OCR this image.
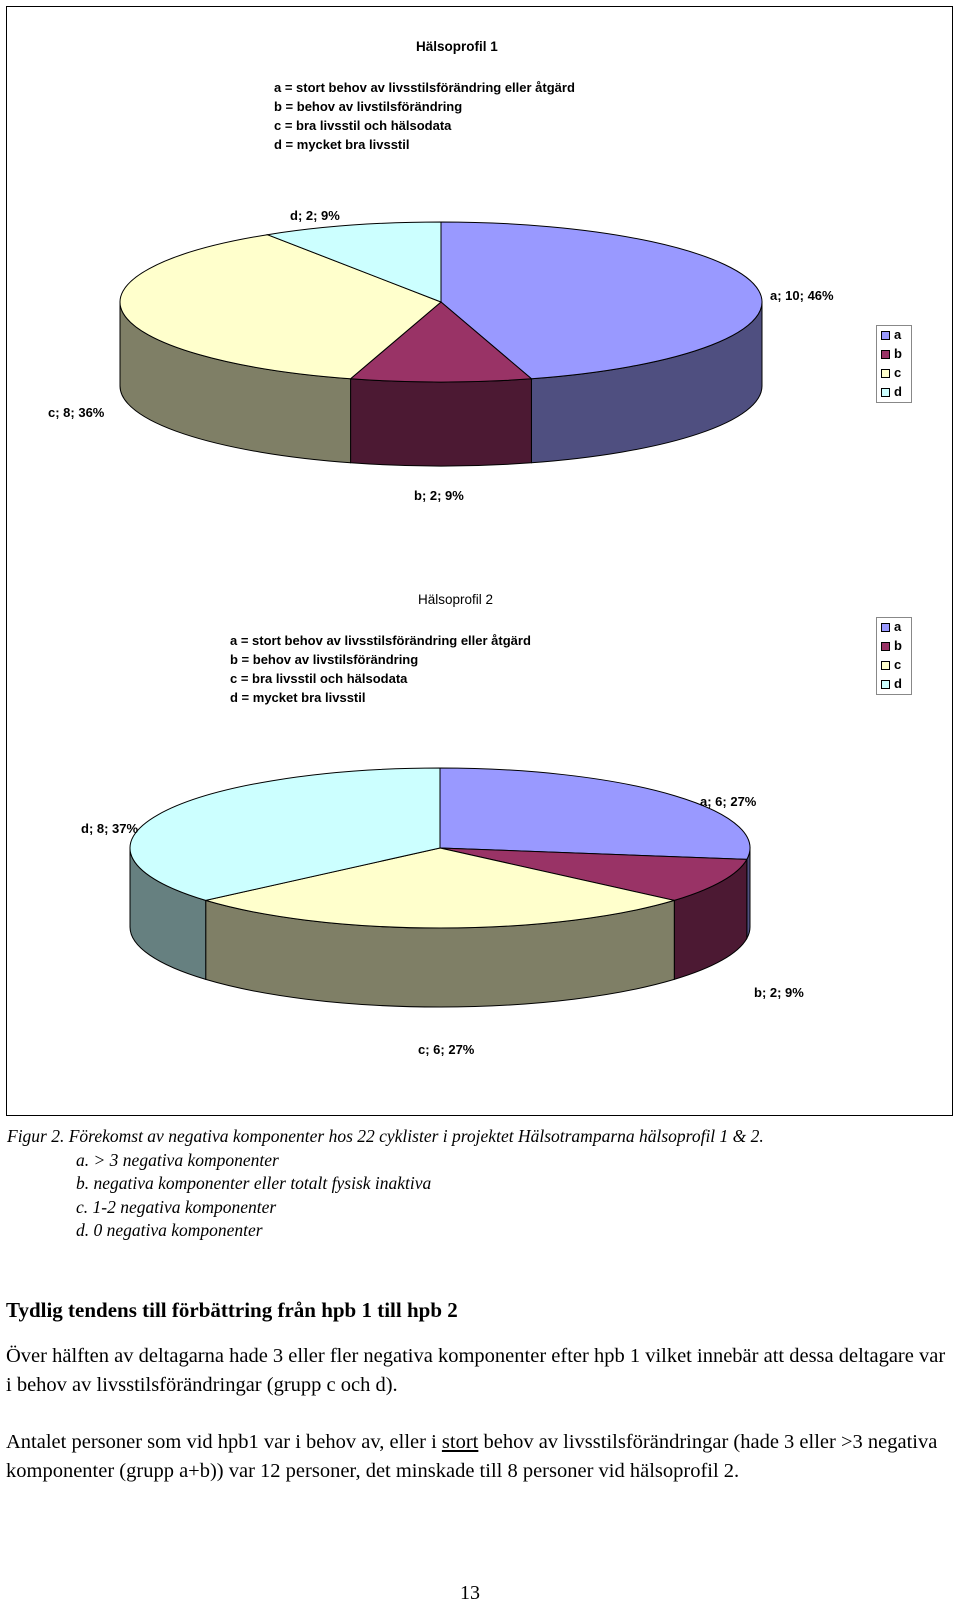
Hälsoprofil 1
a = stort behov av livsstilsförändring eller åtgärd
b = behov av livstilsförändring
c = bra livsstil och hälsodata
d = mycket bra livsstil
d; 2; 9%
a; 10; 46%
c; 8; 36%
b; 2; 9%
a
b
c
d
Hälsoprofil 2
a = stort behov av livsstilsförändring eller åtgärd
b = behov av livstilsförändring
c = bra livsstil och hälsodata
d = mycket bra livsstil
a
b
c
d
d; 8; 37%
a; 6; 27%
b; 2; 9%
c; 6; 27%
Figur 2. Förekomst av negativa komponenter hos 22 cyklister i projektet Hälsotramparna hälsoprofil 1 & 2.
a. > 3 negativa komponenter
b. negativa komponenter eller totalt fysisk inaktiva
c. 1-2 negativa komponenter
d. 0 negativa komponenter
Tydlig tendens till förbättring från hpb 1 till hpb 2
Över hälften av deltagarna hade 3 eller fler negativa komponenter efter hpb 1 vilket innebär att dessa deltagare var i behov av livsstilsförändringar (grupp c och d).
Antalet personer som vid hpb1 var i behov av, eller i stort behov av livsstilsförändringar (hade 3 eller >3 negativa komponenter (grupp a+b)) var 12 personer, det minskade till 8 personer vid hälsoprofil 2.
13
